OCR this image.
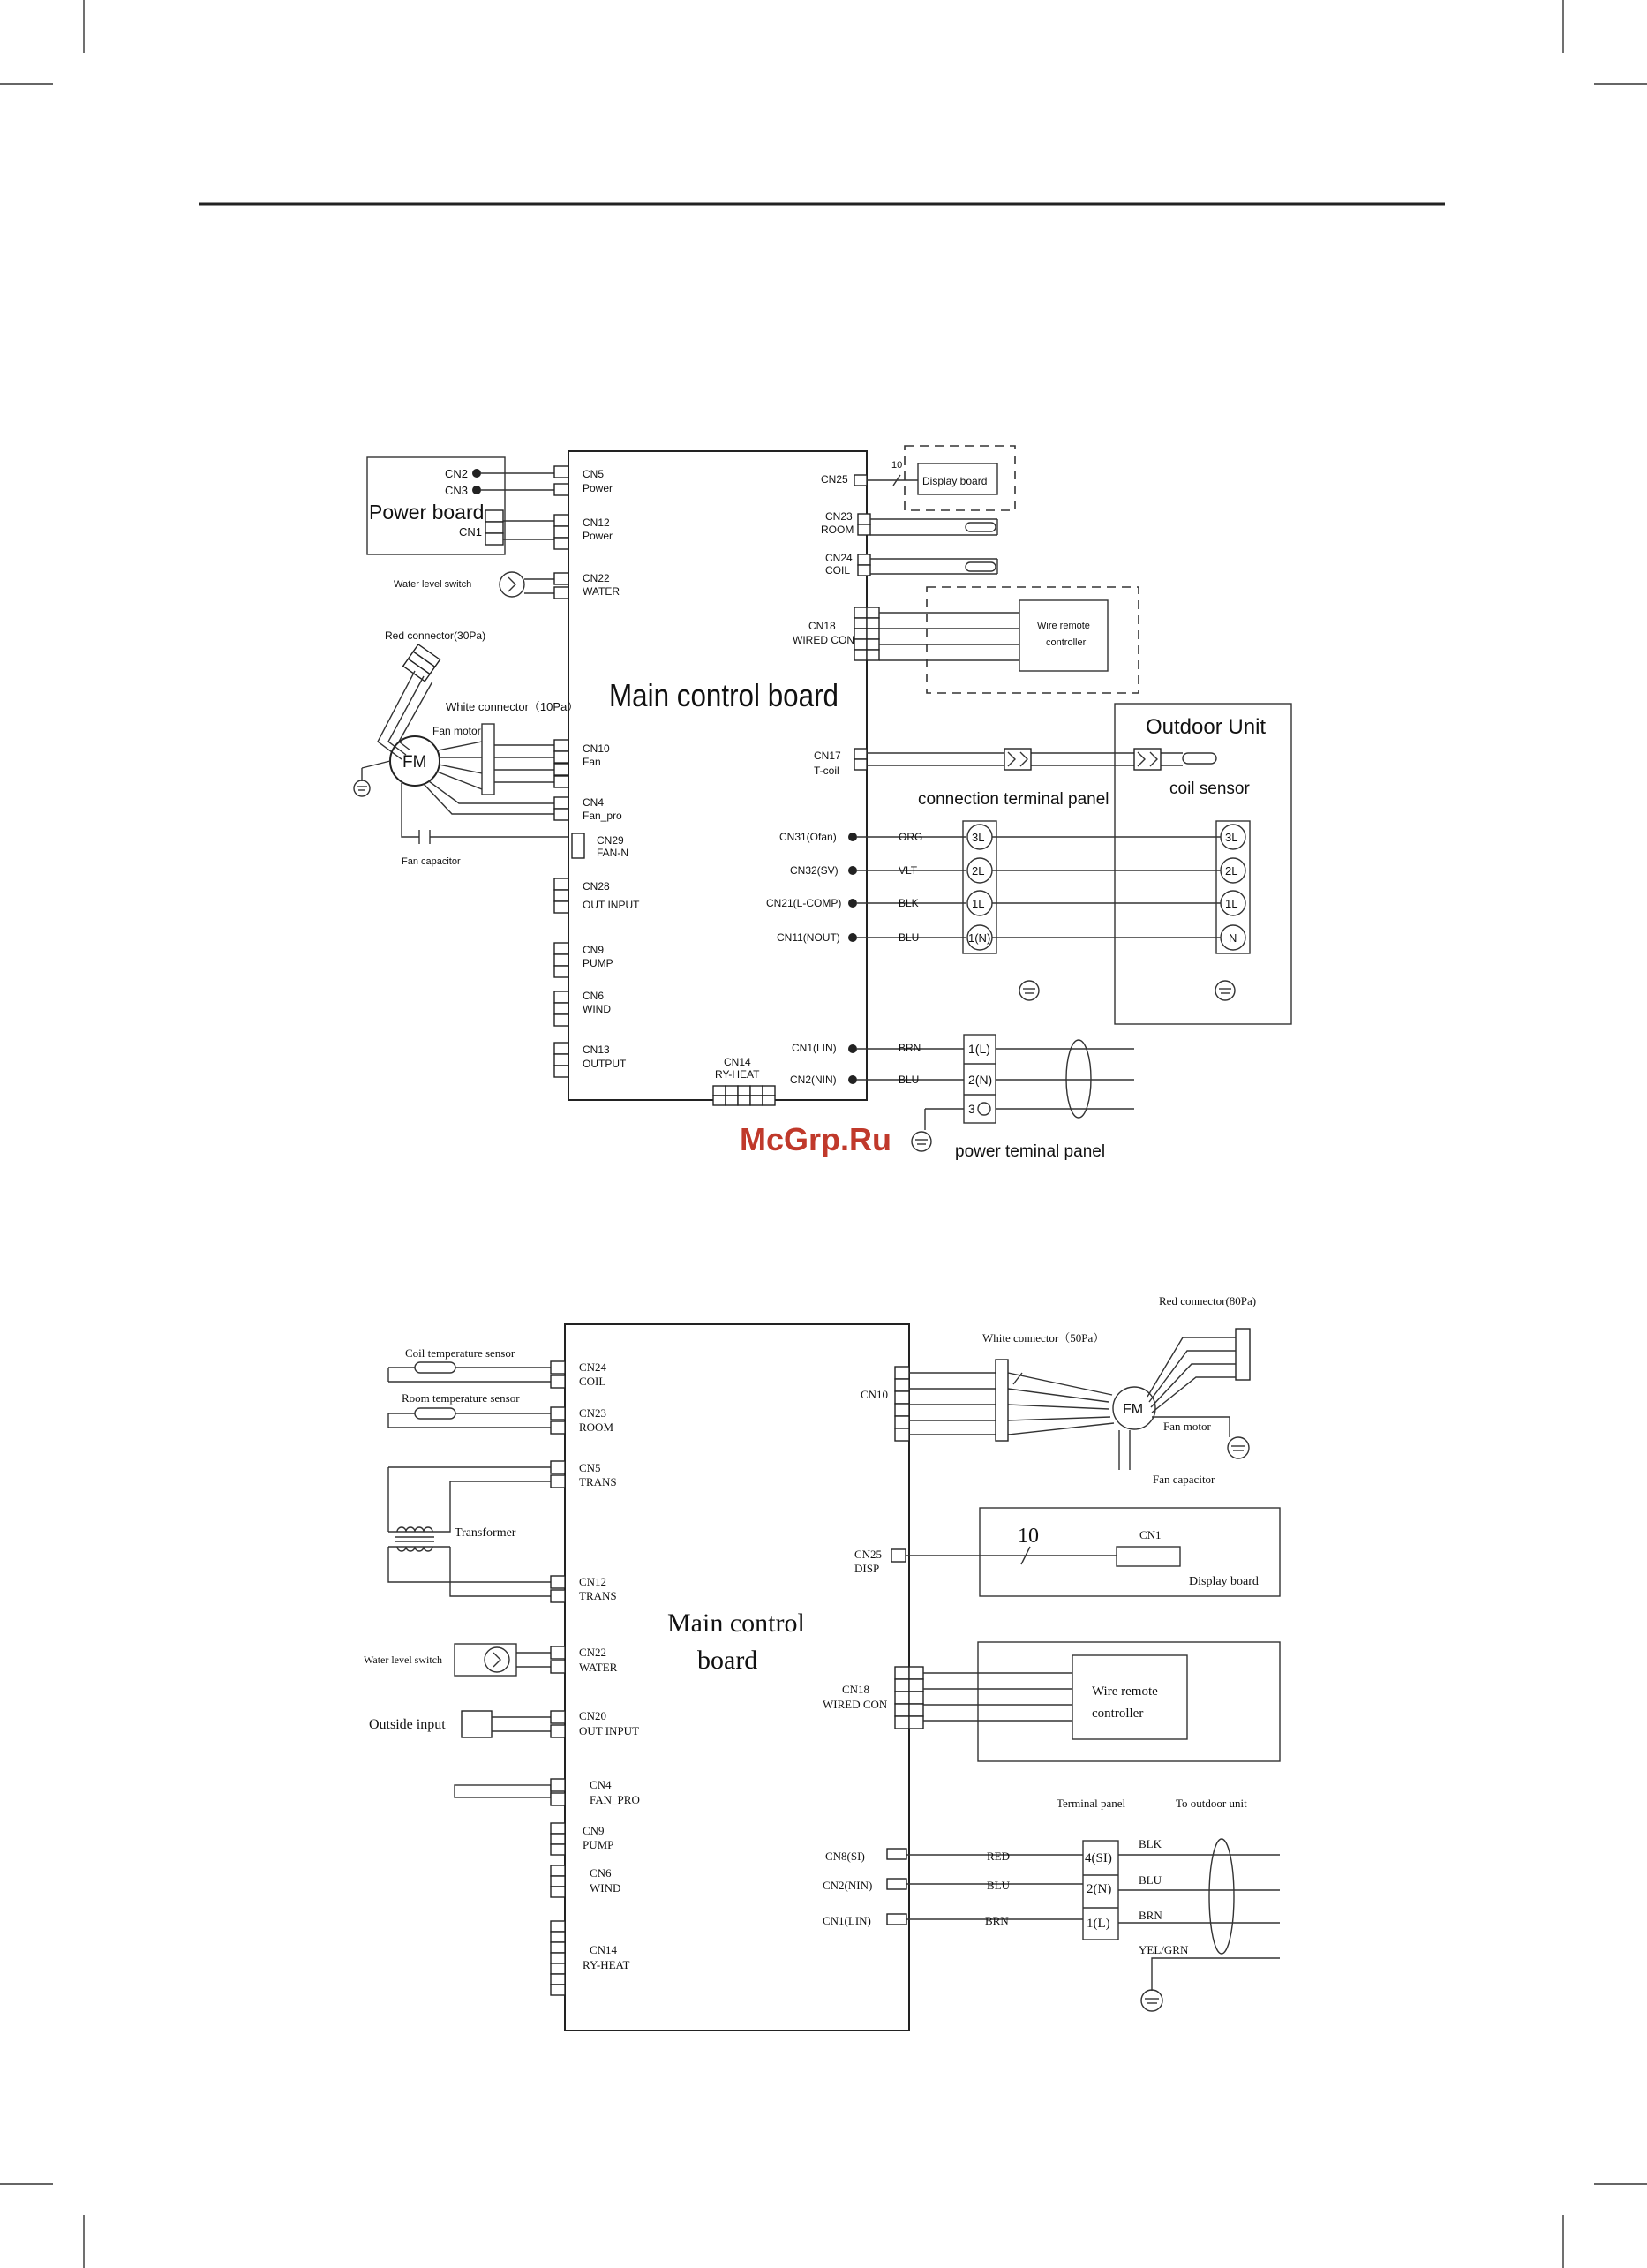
Main control board
Power board
CN2
CN3
CN1
CN5
Power
CN12
Power
Water level switch	CN22
WATER
Red connector(30Pa)
White connector（10Pa）
Fan motor
FM
CN10
Fan
CN4
Fan_pro
CN29
FAN-N
Fan capacitor
CN28
OUT INPUT
CN9
PUMP
CN6
WIND
CN13
OUTPUT	CN14
RY-HEAT
CN25
10
Display board
CN23
ROOM
CN24
COIL
CN18
WIRED CON
Wire remote
controller
Outdoor Unit
CN17
T-coil
coil sensor
connection terminal panel
CN31(Ofan)	ORG	3L	3L
CN32(SV)	VLT	2L	2L
CN21(L-COMP)	BLK	1L	1L
CN11(NOUT)	BLU	1(N)	N
CN1(LIN)	BRN	1(L)
CN2(NIN)	BLU	2(N)
3
power teminal panel
McGrp.Ru
Main control
board
Coil temperature sensor
CN24
COIL
Room temperature sensor
CN23
ROOM
CN5
TRANS
Transformer
CN12
TRANS
Water level switch
CN22
WATER
Outside input
CN20
OUT INPUT
CN4
FAN_PRO
CN9
PUMP
CN6
WIND
CN14
RY-HEAT
CN10
White connector（50Pa）
Red connector(80Pa)
FM
Fan motor
Fan capacitor
CN25
DISP
10	CN1
Display board
CN18
WIRED CON
Wire remote
controller
Terminal panel	To outdoor unit
CN8(SI)	RED	4(SI)
BLK
CN2(NIN)	BLU	2(N)
BLU
CN1(LIN)	BRN	1(L)
BRN
YEL/GRN
